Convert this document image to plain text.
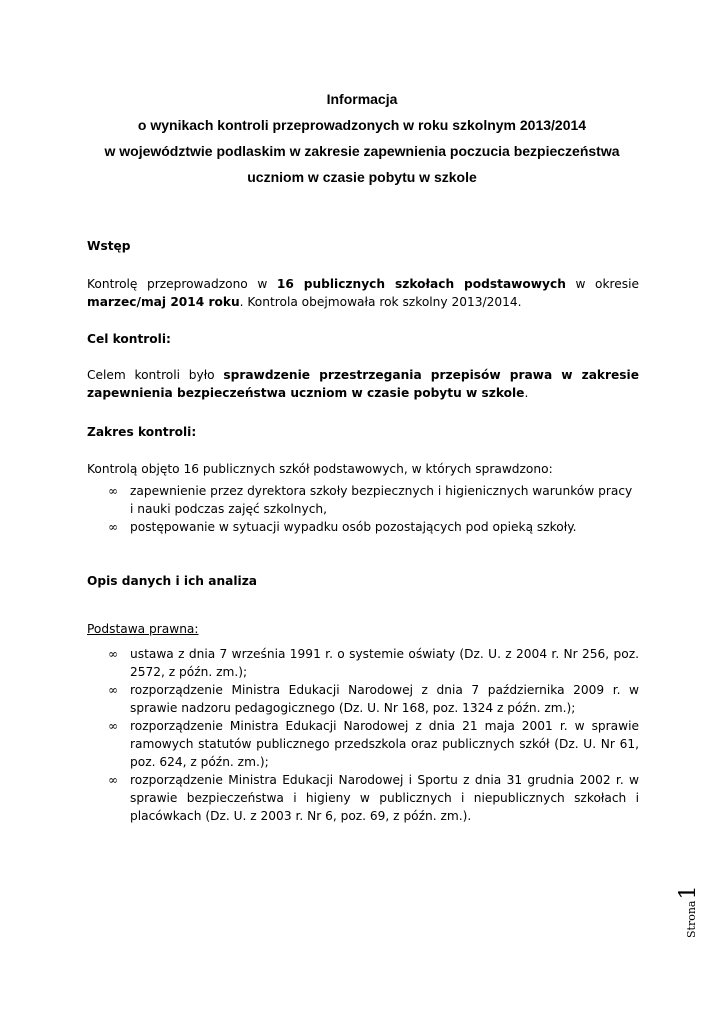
Informacja
o wynikach kontroli przeprowadzonych w roku szkolnym 2013/2014
w województwie podlaskim w zakresie zapewnienia poczucia bezpieczeństwa
uczniom w czasie pobytu w szkole
Wstęp
Kontrolę przeprowadzono w 16 publicznych szkołach podstawowych w okresie marzec/maj 2014 roku. Kontrola obejmowała rok szkolny 2013/2014.
Cel kontroli:
Celem kontroli było sprawdzenie przestrzegania przepisów prawa w zakresie zapewnienia bezpieczeństwa uczniom w czasie pobytu w szkole.
Zakres kontroli:
Kontrolą objęto 16 publicznych szkół podstawowych, w których sprawdzono:
∞ zapewnienie przez dyrektora szkoły bezpiecznych i higienicznych warunków pracy i nauki podczas zajęć szkolnych,
∞ postępowanie w sytuacji wypadku osób pozostających pod opieką szkoły.
Opis danych i ich analiza
Podstawa prawna:
∞ ustawa z dnia 7 września 1991 r. o systemie oświaty (Dz. U. z 2004 r. Nr 256, poz. 2572, z późn. zm.);
∞ rozporządzenie Ministra Edukacji Narodowej z dnia 7 października 2009 r. w sprawie nadzoru pedagogicznego (Dz. U. Nr 168, poz. 1324 z późn. zm.);
∞ rozporządzenie Ministra Edukacji Narodowej z dnia 21 maja 2001 r. w sprawie ramowych statutów publicznego przedszkola oraz publicznych szkół (Dz. U. Nr 61, poz. 624, z późn. zm.);
∞ rozporządzenie Ministra Edukacji Narodowej i Sportu z dnia 31 grudnia 2002 r. w sprawie bezpieczeństwa i higieny w publicznych i niepublicznych szkołach i placówkach (Dz. U. z 2003 r. Nr 6, poz. 69, z późn. zm.).
Strona
1
